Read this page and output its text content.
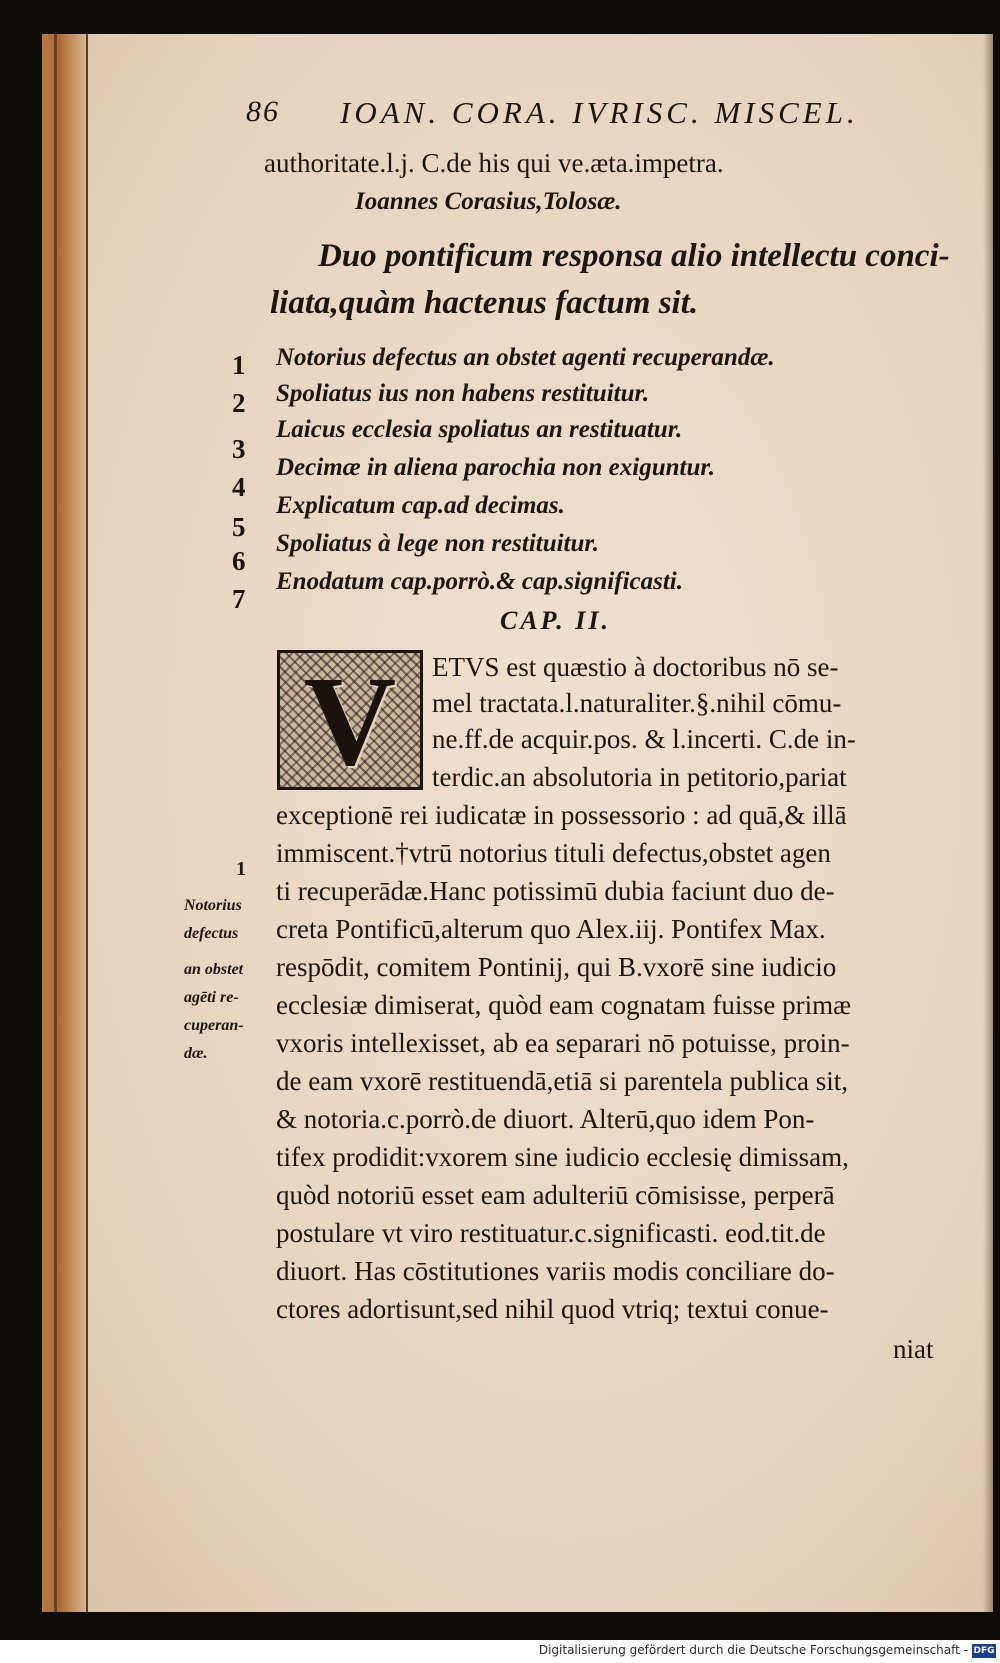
86 IOAN. CORA. IVRISC. MISCEL.
authoritate.l.j. C.de his qui ve.æta.impetra.
Ioannes Corasius,Tolosæ.
Duo pontificum responsa alio intellectu conci-
liata,quàm hactenus factum sit.
1 Notorius defectus an obstet agenti recuperandæ.
2 Spoliatus ius non habens restituitur.
3
Laicus ecclesia spoliatus an restituatur.
4
Decimæ in aliena parochia non exiguntur.
5
Explicatum cap.ad decimas.
6
Spoliatus à lege non restituitur.
7
Enodatum cap.porrò.& cap.significasti.
CAP. II.
V	ETVS est quæstio à doctoribus nō se-
mel tractata.l.naturaliter.§.nihil cōmu-
ne.ff.de acquir.pos. & l.incerti. C.de in-
terdic.an absolutoria in petitorio,pariat
exceptionē rei iudicatæ in possessorio : ad quā,& illā
immiscent.†vtrū notorius tituli defectus,obstet agen
ti recuperādæ.Hanc potissimū dubia faciunt duo de-
creta Pontificū,alterum quo Alex.iij. Pontifex Max.
respōdit, comitem Pontinij, qui B.vxorē sine iudicio
ecclesiæ dimiserat, quòd eam cognatam fuisse primæ
vxoris intellexisset, ab ea separari nō potuisse, proin-
de eam vxorē restituendā,etiā si parentela publica sit,
& notoria.c.porrò.de diuort. Alterū,quo idem Pon-
tifex prodidit:vxorem sine iudicio ecclesię dimissam,
quòd notoriū esset eam adulteriū cōmisisse, perperā
postulare vt viro restituatur.c.significasti. eod.tit.de
diuort. Has cōstitutiones variis modis conciliare do-
ctores adortisunt,sed nihil quod vtriq; textui conue-
niat
1
Notorius
defectus
an obstet
agēti re-
cuperan-
dæ.
Digitalisierung gefördert durch die Deutsche Forschungsgemeinschaft - DFG
